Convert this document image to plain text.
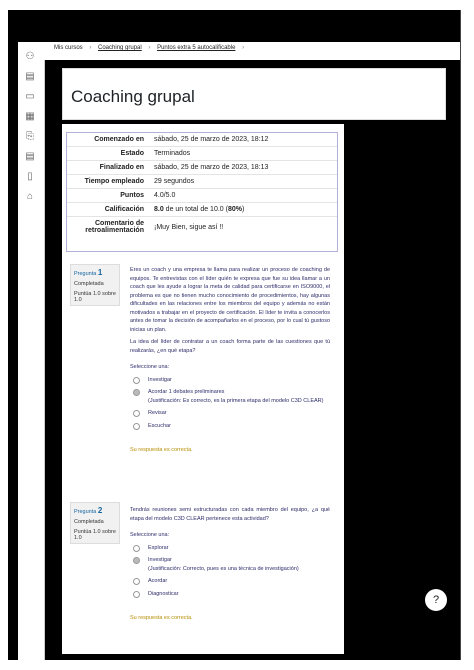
⚇
▤
▭
▦
⎘
▤
▯
⌂
Mis cursos › Coaching grupal › Puntos extra 5 autocalificable ›
Coaching grupal
Comenzado en	sábado, 25 de marzo de 2023, 18:12
Estado	Terminados
Finalizado en	sábado, 25 de marzo de 2023, 18:13
Tiempo empleado	29 segundos
Puntos	4.0/5.0
Calificación	8.0 de un total de 10.0 (80%)
Comentario de retroalimentación	¡Muy Bien, sigue así !!
Pregunta 1
Completada
Puntúa 1.0 sobre 1.0

Eres un coach y una empresa te llama para realizar un proceso de coaching de equipos. Te entrevistas con el líder quién te expresa que fue su idea llamar a un coach que les ayude a lograr la meta de calidad para certificarse en ISO9000, el problema es que no tienen mucho conocimiento de procedimientos, hay algunas dificultades en las relaciones entre los miembros del equipo y además no están motivados a trabajar en el proyecto de certificación. El líder te invita a conocerlos antes de tomar la decisión de acompañarlos en el proceso, por lo cual tú gustoso inicias un plan.

La idea del líder de contratar a un coach forma parte de las cuestiones que tú realizarás, ¿en qué etapa?

Seleccione una:
Investigar
Acordar 1 debates preliminares
(Justificación: Es correcto, es la primera etapa del modelo C3D CLEAR)
Revisar
Escuchar
Su respuesta es correcta.
Pregunta 2
Completada
Puntúa 1.0 sobre 1.0

Tendrás reuniones semi estructuradas con cada miembro del equipo, ¿a qué etapa del modelo C3D CLEAR pertenece esta actividad?

Seleccione una:
Explorar
Investigar
(Justificación: Correcto, pues es una técnica de investigación)
Acordar
Diagnosticar
Su respuesta es correcta.
?
